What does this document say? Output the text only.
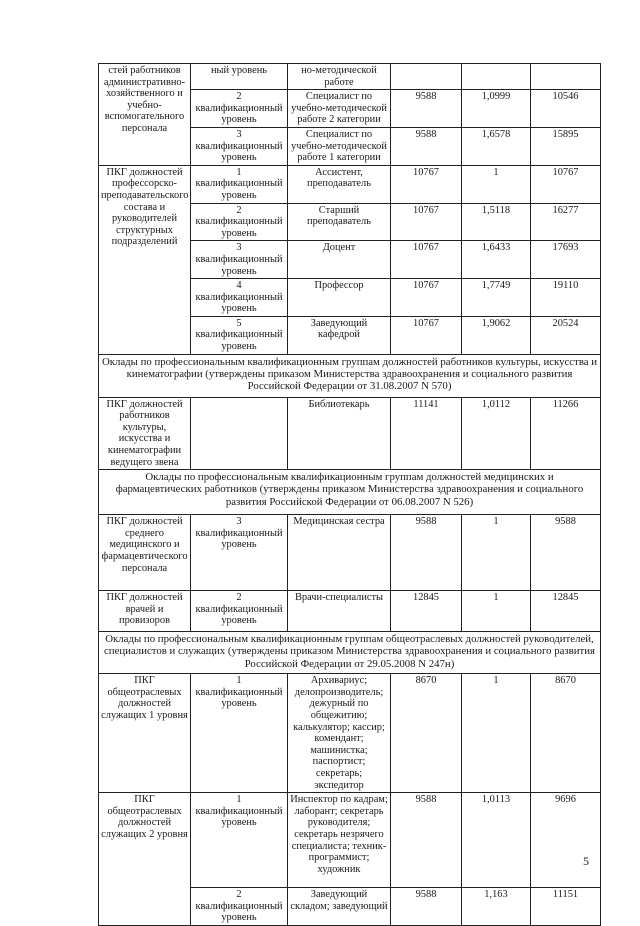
стей работников административно-хозяйственного и учебно-вспомогательного персонала	ный уровень	но-методической работе			
	2 квалификационный уровень	Специалист по учебно-методической работе 2 категории	9588	1,0999	10546
	3 квалификационный уровень	Специалист по учебно-методической работе 1 категории	9588	1,6578	15895
ПКГ должностей профессорско-преподавательского состава и руководителей структурных подразделений	1 квалификационный уровень	Ассистент, преподаватель	10767	1	10767
	2 квалификационный уровень	Старший преподаватель	10767	1,5118	16277
	3 квалификационный уровень	Доцент	10767	1,6433	17693
	4 квалификационный уровень	Профессор	10767	1,7749	19110
	5 квалификационный уровень	Заведующий кафедрой	10767	1,9062	20524
Оклады по профессиональным квалификационным группам должностей работников культуры, искусства и кинематографии (утверждены приказом Министерства здравоохранения и социального развития Российской Федерации от 31.08.2007 N 570)					
ПКГ должностей работников культуры, искусства и кинематографии ведущего звена		Библиотекарь	11141	1,0112	11266
Оклады по профессиональным квалификационным группам должностей медицинских и фармацевтических работников (утверждены приказом Министерства здравоохранения и социального развития Российской Федерации от 06.08.2007 N 526)					
ПКГ должностей среднего медицинского и фармацевтического персонала	3 квалификационный уровень	Медицинская сестра	9588	1	9588
ПКГ должностей врачей и провизоров	2 квалификационный уровень	Врачи-специалисты	12845	1	12845
Оклады по профессиональным квалификационным группам общеотраслевых должностей руководителей, специалистов и служащих (утверждены приказом Министерства здравоохранения и социального развития Российской Федерации от 29.05.2008 N 247н)					
ПКГ общеотраслевых должностей служащих 1 уровня	1 квалификационный уровень	Архивариус; делопроизводитель; дежурный по общежитию; калькулятор; кассир; комендант; машинистка; паспортист; секретарь; экспедитор	8670	1	8670
ПКГ общеотраслевых должностей служащих 2 уровня	1 квалификационный уровень	Инспектор по кадрам; лаборант; секретарь руководителя; секретарь незрячего специалиста; техник-программист; художник	9588	1,0113	9696
	2 квалификационный уровень	Заведующий складом; заведующий	9588	1,163	11151
5
